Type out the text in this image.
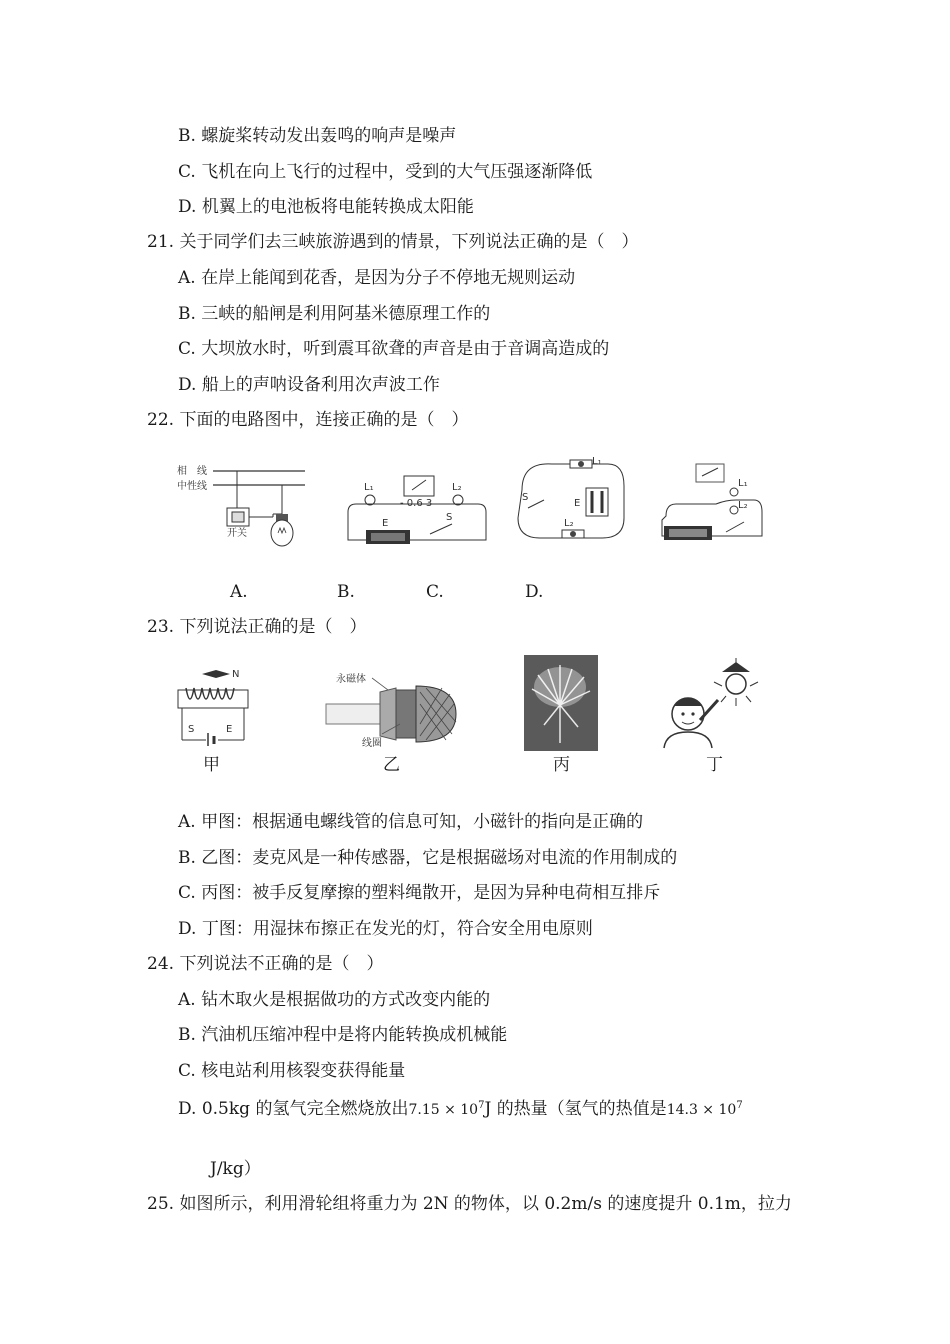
B. 螺旋桨转动发出轰鸣的响声是噪声
C. 飞机在向上飞行的过程中，受到的大气压强逐渐降低
D. 机翼上的电池板将电能转换成太阳能
21. 关于同学们去三峡旅游遇到的情景，下列说法正确的是（　）
A. 在岸上能闻到花香，是因为分子不停地无规则运动
B. 三峡的船闸是利用阿基米德原理工作的
C. 大坝放水时，听到震耳欲聋的声音是由于音调高造成的
D. 船上的声呐设备利用次声波工作
22. 下面的电路图中，连接正确的是（　）
相　线
中性线
开关
- 0.6 3
L₁	L₂
E
S
L₁
L₂
E
S
L₁
L₂
A.	B.	C.	D.
23. 下列说法正确的是（　）
N
S	E
永磁体
线圈
甲	乙	丙	丁
A. 甲图：根据通电螺线管的信息可知，小磁针的指向是正确的
B. 乙图：麦克风是一种传感器，它是根据磁场对电流的作用制成的
C. 丙图：被手反复摩擦的塑料绳散开，是因为异种电荷相互排斥
D. 丁图：用湿抹布擦正在发光的灯，符合安全用电原则
24. 下列说法不正确的是（　）
A. 钻木取火是根据做功的方式改变内能的
B. 汽油机压缩冲程中是将内能转换成机械能
C. 核电站利用核裂变获得能量
D. 0.5kg 的氢气完全燃烧放出$7.15 \times 10^7J$ 的热量（氢气的热值是$14.3 \times 10^7$
J/kg）
25. 如图所示，利用滑轮组将重力为 2N 的物体，以 0.2m/s 的速度提升 0.1m，拉力
